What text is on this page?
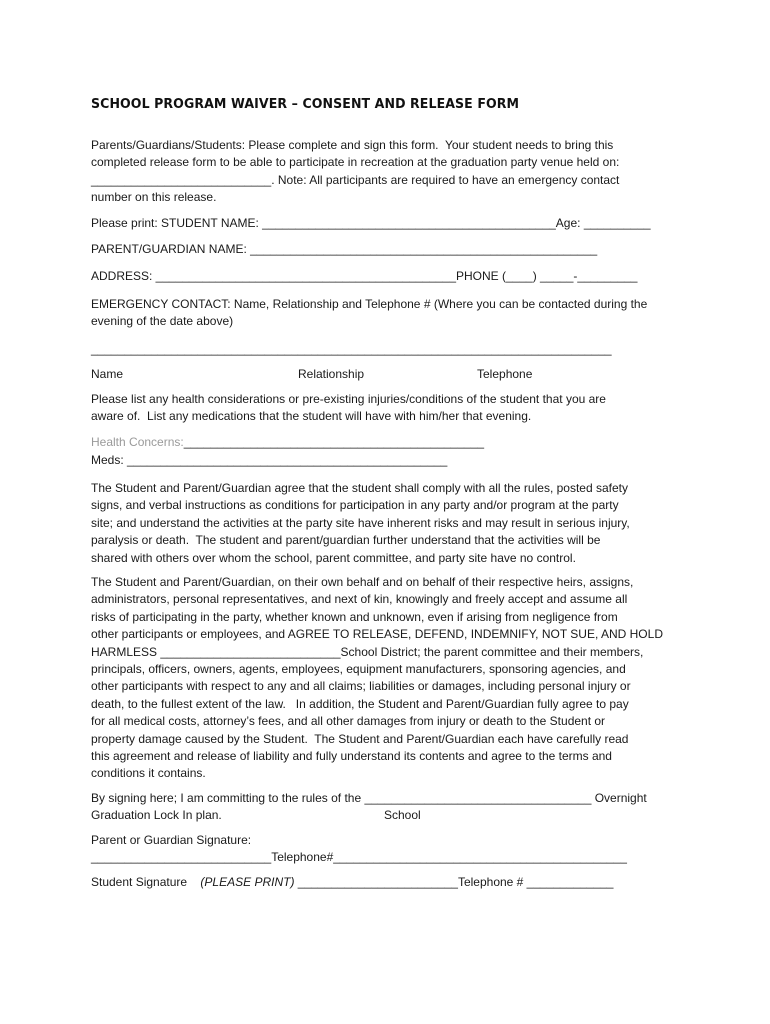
SCHOOL PROGRAM WAIVER – CONSENT AND RELEASE FORM
Parents/Guardians/Students: Please complete and sign this form.  Your student needs to bring this
completed release form to be able to participate in recreation at the graduation party venue held on:
___________________________. Note: All participants are required to have an emergency contact
number on this release.
Please print: STUDENT NAME: ____________________________________________Age: __________
PARENT/GUARDIAN NAME: ____________________________________________________
ADDRESS: _____________________________________________PHONE (____) _____-_________
EMERGENCY CONTACT: Name, Relationship and Telephone # (Where you can be contacted during the
evening of the date above)
______________________________________________________________________________
Name	Relationship	Telephone
Please list any health considerations or pre-existing injuries/conditions of the student that you are
aware of.  List any medications that the student will have with him/her that evening.
Health Concerns:_____________________________________________
Meds: ________________________________________________
The Student and Parent/Guardian agree that the student shall comply with all the rules, posted safety
signs, and verbal instructions as conditions for participation in any party and/or program at the party
site; and understand the activities at the party site have inherent risks and may result in serious injury,
paralysis or death.  The student and parent/guardian further understand that the activities will be
shared with others over whom the school, parent committee, and party site have no control.
The Student and Parent/Guardian, on their own behalf and on behalf of their respective heirs, assigns,
administrators, personal representatives, and next of kin, knowingly and freely accept and assume all
risks of participating in the party, whether known and unknown, even if arising from negligence from
other participants or employees, and AGREE TO RELEASE, DEFEND, INDEMNIFY, NOT SUE, AND HOLD
HARMLESS ___________________________School District; the parent committee and their members,
principals, officers, owners, agents, employees, equipment manufacturers, sponsoring agencies, and
other participants with respect to any and all claims; liabilities or damages, including personal injury or
death, to the fullest extent of the law.   In addition, the Student and Parent/Guardian fully agree to pay
for all medical costs, attorney’s fees, and all other damages from injury or death to the Student or
property damage caused by the Student.  The Student and Parent/Guardian each have carefully read
this agreement and release of liability and fully understand its contents and agree to the terms and
conditions it contains.
By signing here; I am committing to the rules of the __________________________________ Overnight
Graduation Lock In plan.	School
Parent or Guardian Signature:
___________________________Telephone#____________________________________________
Student Signature (PLEASE PRINT) ________________________Telephone # _____________
